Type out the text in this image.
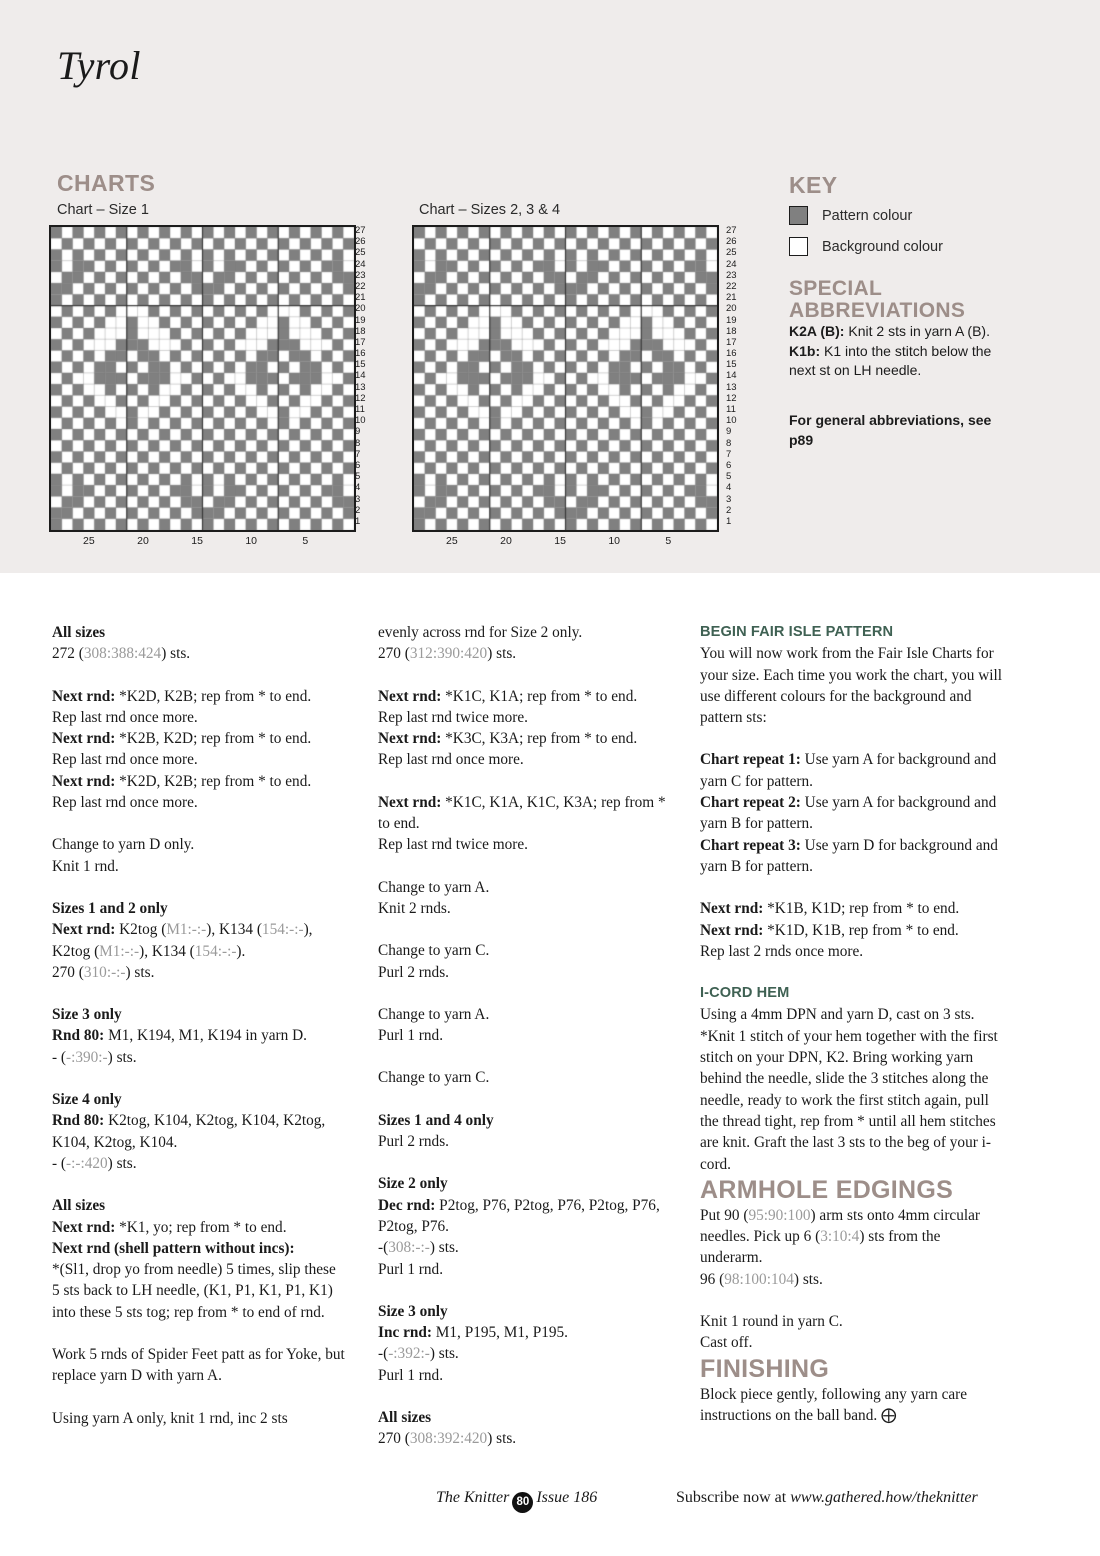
Tyrol
CHARTS	KEY
Chart – Size 1	Chart – Sizes 2, 3 & 4
27
26
25
24
23
22
21
20
19
18
17
16
15
14
13
12
11
10
9
8
7
6
5
4
3
2
1
25	20	15	10	5
27
26
25
24
23
22
21
20
19
18
17
16
15
14
13
12
11
10
9
8
7
6
5
4
3
2
1
25	20	15	10	5
Pattern colour
Background colour
SPECIAL
ABBREVIATIONS
K2A (B): Knit 2 sts in yarn A (B).
K1b: K1 into the stitch below the next st on LH needle.
For general abbreviations, see p89

All sizes

272 (308:388:424) sts.

Next rnd: *K2D, K2B; rep from * to end.

Rep last rnd once more.

Next rnd: *K2B, K2D; rep from * to end.

Rep last rnd once more.

Next rnd: *K2D, K2B; rep from * to end.

Rep last rnd once more.

Change to yarn D only.

Knit 1 rnd.

Sizes 1 and 2 only

Next rnd: K2tog (M1:-:-), K134 (154:-:-), K2tog (M1:-:-), K134 (154:-:-).

270 (310:-:-) sts.

Size 3 only

Rnd 80: M1, K194, M1, K194 in yarn D.

- (-:390:-) sts.

Size 4 only

Rnd 80: K2tog, K104, K2tog, K104, K2tog, K104, K2tog, K104.

- (-:-:420) sts.

All sizes

Next rnd: *K1, yo; rep from * to end.

Next rnd (shell pattern without incs):
*(Sl1, drop yo from needle) 5 times, slip these 5 sts back to LH needle, (K1, P1, K1, P1, K1) into these 5 sts tog; rep from * to end of rnd.

Work 5 rnds of Spider Feet patt as for Yoke, but replace yarn D with yarn A.

Using yarn A only, knit 1 rnd, inc 2 sts

evenly across rnd for Size 2 only.

270 (312:390:420) sts.

Next rnd: *K1C, K1A; rep from * to end.

Rep last rnd twice more.

Next rnd: *K3C, K3A; rep from * to end.

Rep last rnd once more.

Next rnd: *K1C, K1A, K1C, K3A; rep from * to end.

Rep last rnd twice more.

Change to yarn A.

Knit 2 rnds.

Change to yarn C.

Purl 2 rnds.

Change to yarn A.

Purl 1 rnd.

Change to yarn C.

Sizes 1 and 4 only

Purl 2 rnds.

Size 2 only

Dec rnd: P2tog, P76, P2tog, P76, P2tog, P76, P2tog, P76.

-(308:-:-) sts.

Purl 1 rnd.

Size 3 only

Inc rnd: M1, P195, M1, P195.

-(-:392:-) sts.

Purl 1 rnd.

All sizes

270 (308:392:420) sts.

BEGIN FAIR ISLE PATTERN

You will now work from the Fair Isle Charts for your size. Each time you work the chart, you will use different colours for the background and pattern sts:

Chart repeat 1: Use yarn A for background and yarn C for pattern.

Chart repeat 2: Use yarn A for background and yarn B for pattern.

Chart repeat 3: Use yarn D for background and yarn B for pattern.

Next rnd: *K1B, K1D; rep from * to end.

Next rnd: *K1D, K1B, rep from * to end.

Rep last 2 rnds once more.

I-CORD HEM

Using a 4mm DPN and yarn D, cast on 3 sts. *Knit 1 stitch of your hem together with the first stitch on your DPN, K2. Bring working yarn behind the needle, slide the 3 stitches along the needle, ready to work the first stitch again, pull the thread tight, rep from * until all hem stitches are knit. Graft the last 3 sts to the beg of your i-cord.

ARMHOLE EDGINGS

Put 90 (95:90:100) arm sts onto 4mm circular needles. Pick up 6 (3:10:4) sts from the underarm.

96 (98:100:104) sts.

Knit 1 round in yarn C.

Cast off.

FINISHING

Block piece gently, following any yarn care instructions on the ball band. ⨁

The Knitter 80 Issue 186	Subscribe now at www.gathered.how/theknitter
